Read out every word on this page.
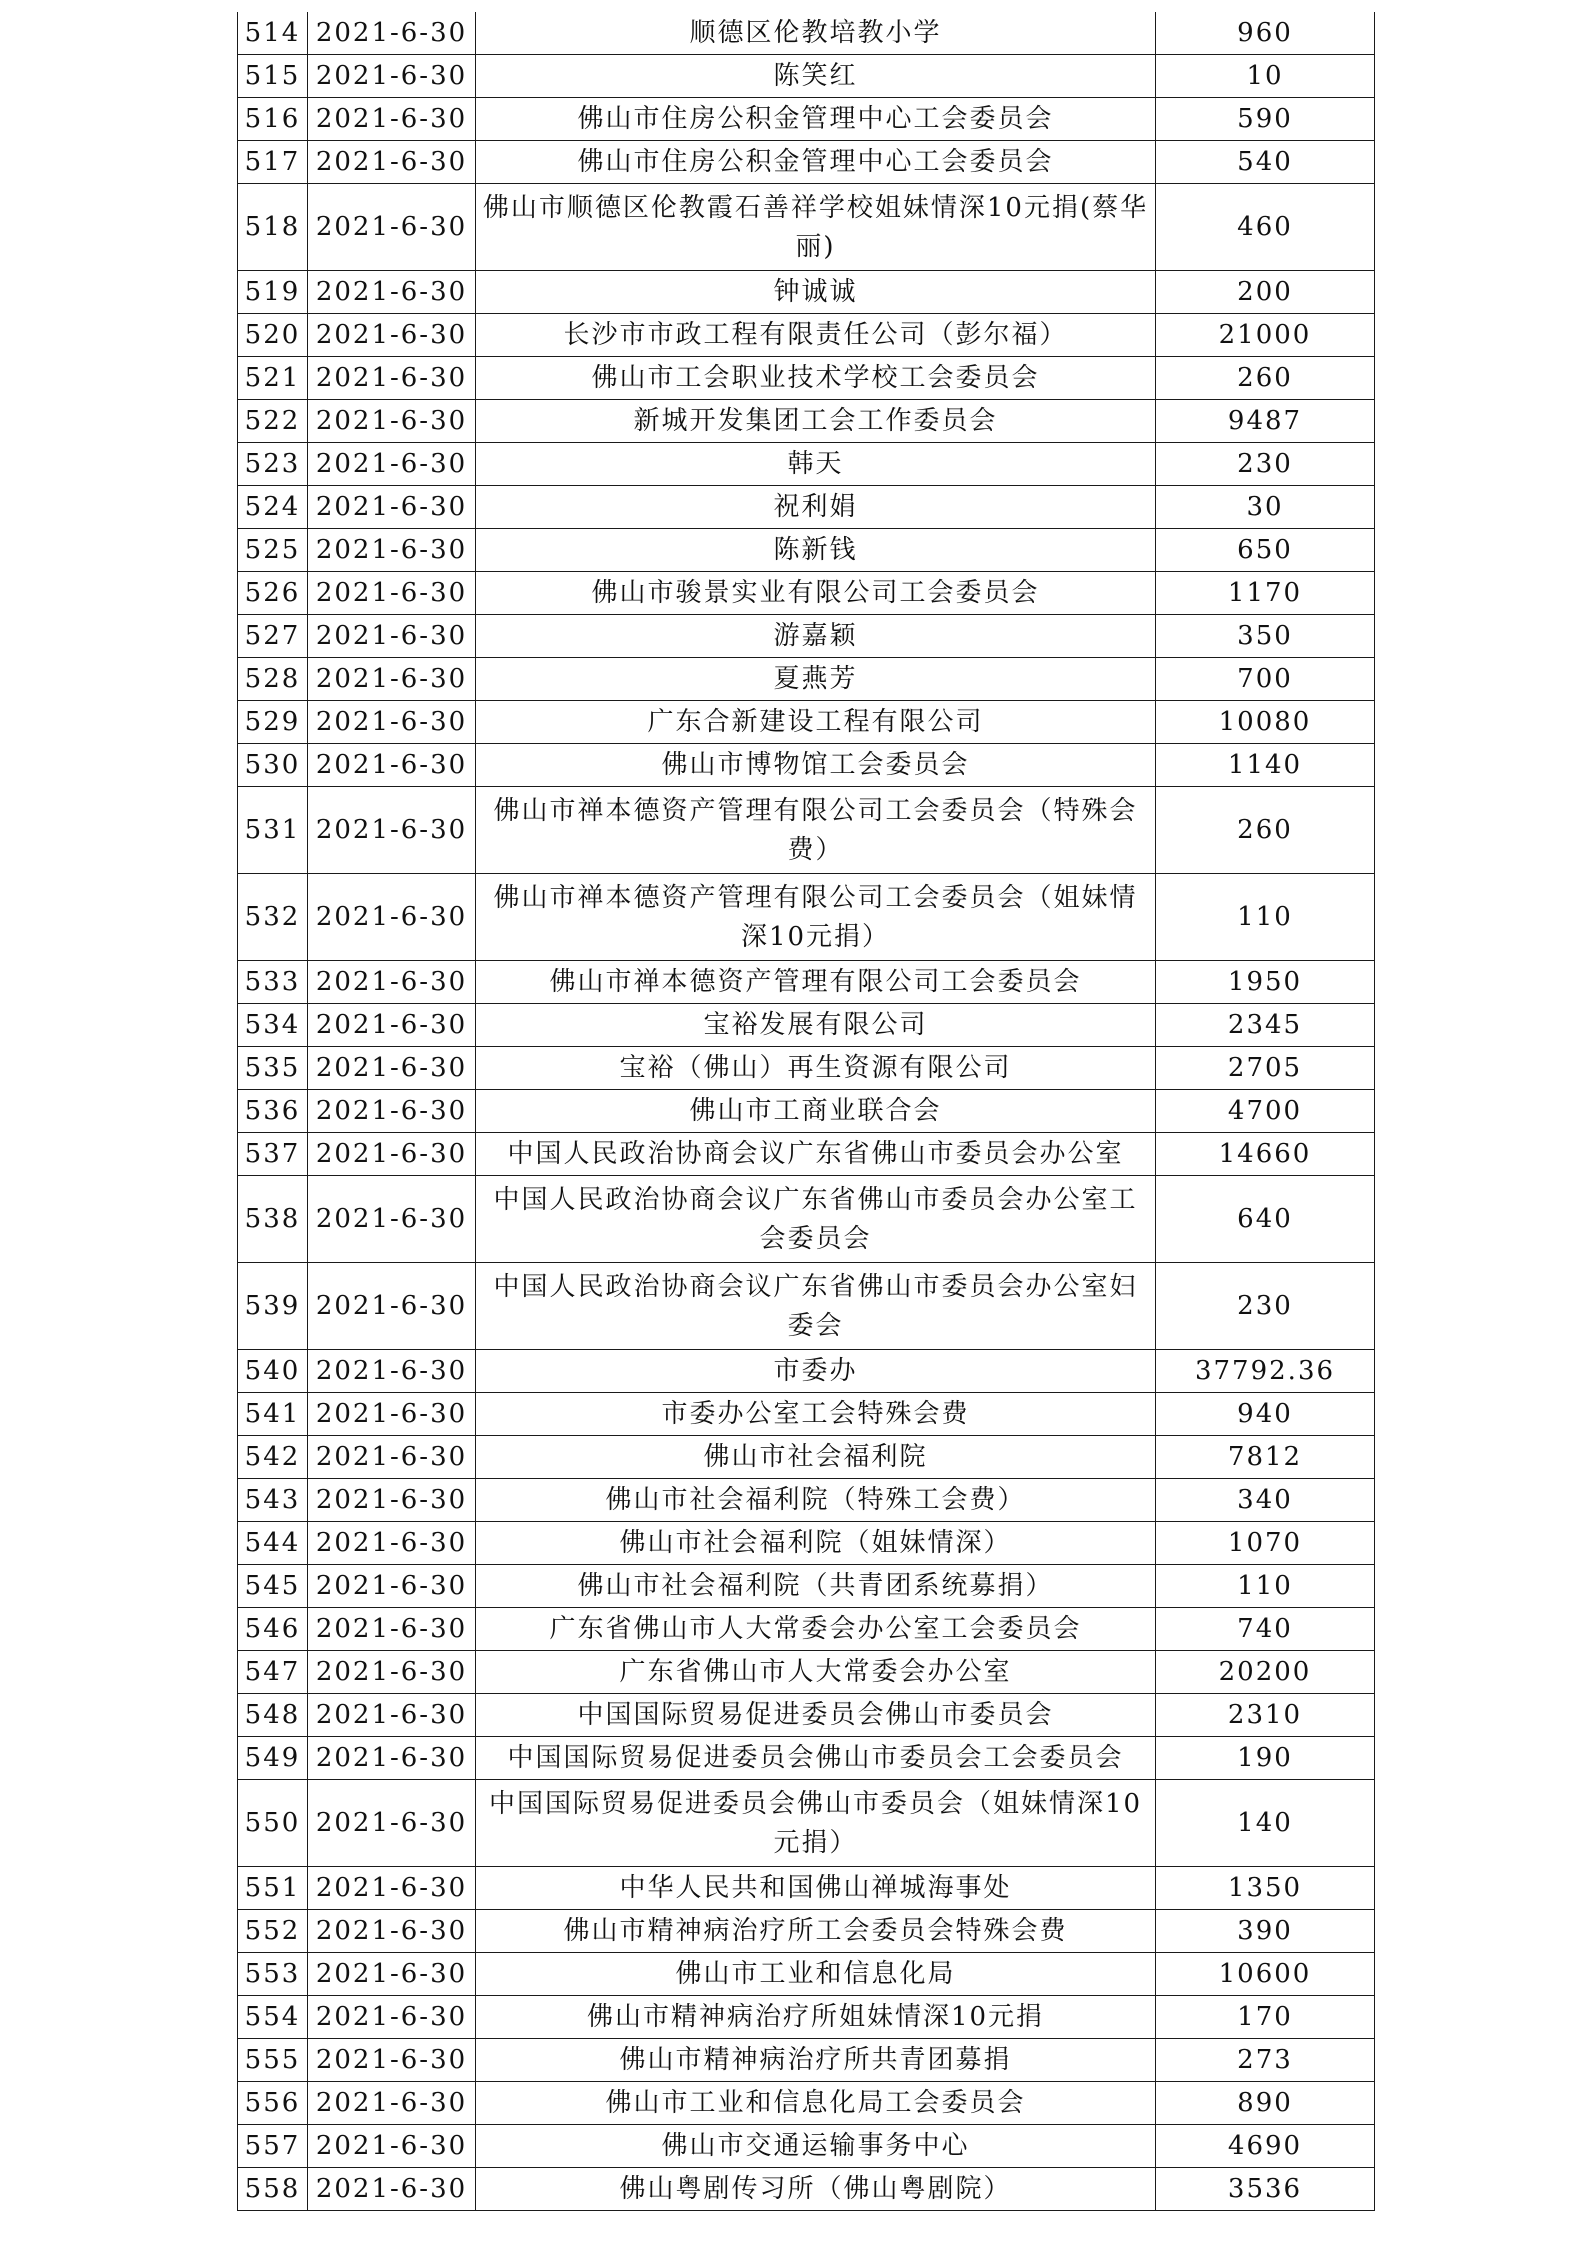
514	2021-6-30	顺德区伦教培教小学	960
515	2021-6-30	陈笑红	10
516	2021-6-30	佛山市住房公积金管理中心工会委员会	590
517	2021-6-30	佛山市住房公积金管理中心工会委员会	540
518	2021-6-30	佛山市顺德区伦教霞石善祥学校姐妹情深10元捐(蔡华丽)	460
519	2021-6-30	钟诚诚	200
520	2021-6-30	长沙市市政工程有限责任公司（彭尔福）	21000
521	2021-6-30	佛山市工会职业技术学校工会委员会	260
522	2021-6-30	新城开发集团工会工作委员会	9487
523	2021-6-30	韩天	230
524	2021-6-30	祝利娟	30
525	2021-6-30	陈新钱	650
526	2021-6-30	佛山市骏景实业有限公司工会委员会	1170
527	2021-6-30	游嘉颖	350
528	2021-6-30	夏燕芳	700
529	2021-6-30	广东合新建设工程有限公司	10080
530	2021-6-30	佛山市博物馆工会委员会	1140
531	2021-6-30	佛山市禅本德资产管理有限公司工会委员会（特殊会费）	260
532	2021-6-30	佛山市禅本德资产管理有限公司工会委员会（姐妹情深10元捐）	110
533	2021-6-30	佛山市禅本德资产管理有限公司工会委员会	1950
534	2021-6-30	宝裕发展有限公司	2345
535	2021-6-30	宝裕（佛山）再生资源有限公司	2705
536	2021-6-30	佛山市工商业联合会	4700
537	2021-6-30	中国人民政治协商会议广东省佛山市委员会办公室	14660
538	2021-6-30	中国人民政治协商会议广东省佛山市委员会办公室工会委员会	640
539	2021-6-30	中国人民政治协商会议广东省佛山市委员会办公室妇委会	230
540	2021-6-30	市委办	37792.36
541	2021-6-30	市委办公室工会特殊会费	940
542	2021-6-30	佛山市社会福利院	7812
543	2021-6-30	佛山市社会福利院（特殊工会费）	340
544	2021-6-30	佛山市社会福利院（姐妹情深）	1070
545	2021-6-30	佛山市社会福利院（共青团系统募捐）	110
546	2021-6-30	广东省佛山市人大常委会办公室工会委员会	740
547	2021-6-30	广东省佛山市人大常委会办公室	20200
548	2021-6-30	中国国际贸易促进委员会佛山市委员会	2310
549	2021-6-30	中国国际贸易促进委员会佛山市委员会工会委员会	190
550	2021-6-30	中国国际贸易促进委员会佛山市委员会（姐妹情深10元捐）	140
551	2021-6-30	中华人民共和国佛山禅城海事处	1350
552	2021-6-30	佛山市精神病治疗所工会委员会特殊会费	390
553	2021-6-30	佛山市工业和信息化局	10600
554	2021-6-30	佛山市精神病治疗所姐妹情深10元捐	170
555	2021-6-30	佛山市精神病治疗所共青团募捐	273
556	2021-6-30	佛山市工业和信息化局工会委员会	890
557	2021-6-30	佛山市交通运输事务中心	4690
558	2021-6-30	佛山粤剧传习所（佛山粤剧院）	3536
